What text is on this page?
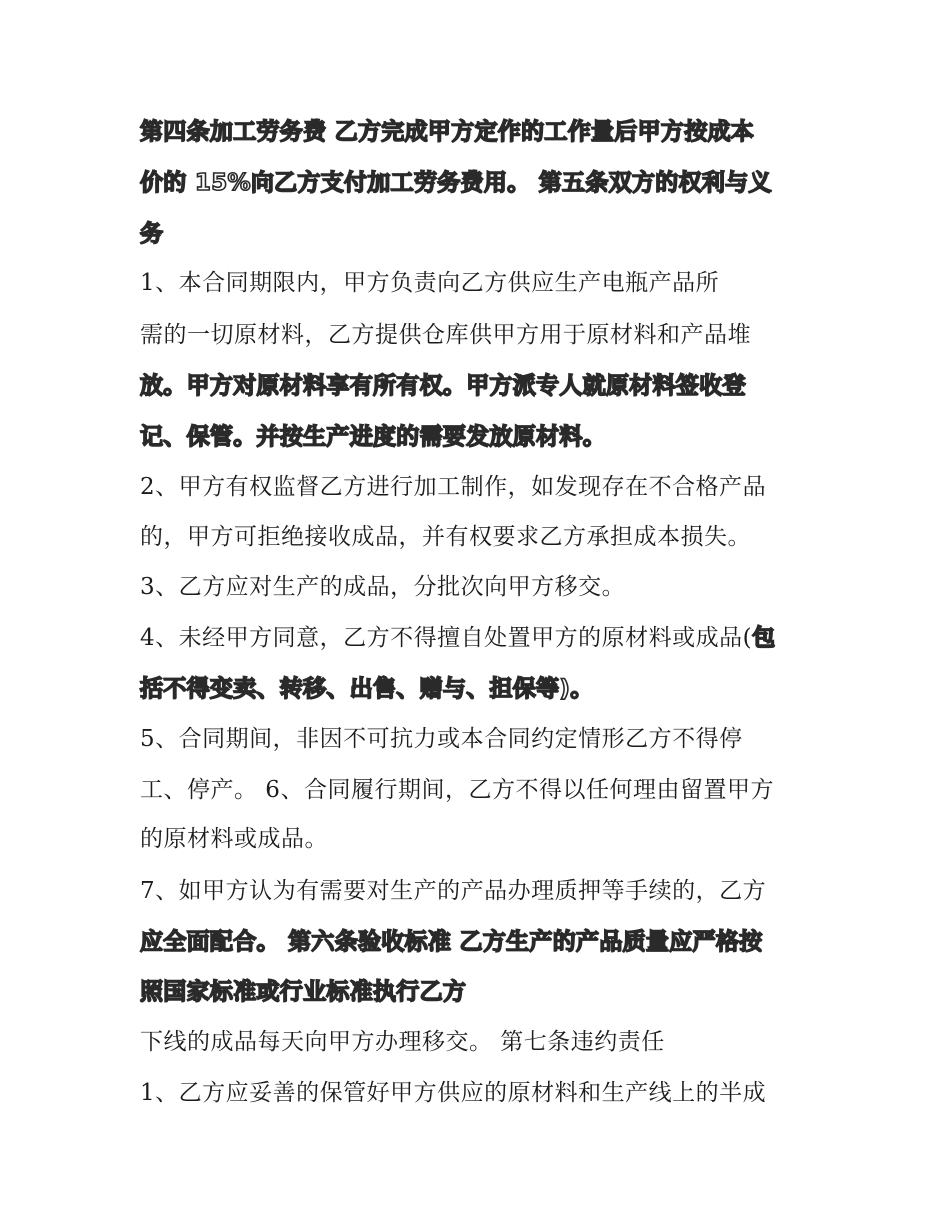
第四条加工劳务费 乙方完成甲方定作的工作量后甲方按成本
价的 15%向乙方支付加工劳务费用。 第五条双方的权利与义
务
1、本合同期限内，甲方负责向乙方供应生产电瓶产品所
需的一切原材料，乙方提供仓库供甲方用于原材料和产品堆
放。甲方对原材料享有所有权。甲方派专人就原材料签收登
记、保管。并按生产进度的需要发放原材料。
2、甲方有权监督乙方进行加工制作，如发现存在不合格产品
的，甲方可拒绝接收成品，并有权要求乙方承担成本损失。
3、乙方应对生产的成品，分批次向甲方移交。
4、未经甲方同意，乙方不得擅自处置甲方的原材料或成品(包
括不得变卖、转移、出售、赠与、担保等)。
5、合同期间，非因不可抗力或本合同约定情形乙方不得停
工、停产。 6、合同履行期间，乙方不得以任何理由留置甲方
的原材料或成品。
7、如甲方认为有需要对生产的产品办理质押等手续的，乙方
应全面配合。 第六条验收标准 乙方生产的产品质量应严格按
照国家标准或行业标准执行乙方
下线的成品每天向甲方办理移交。 第七条违约责任
1、乙方应妥善的保管好甲方供应的原材料和生产线上的半成
